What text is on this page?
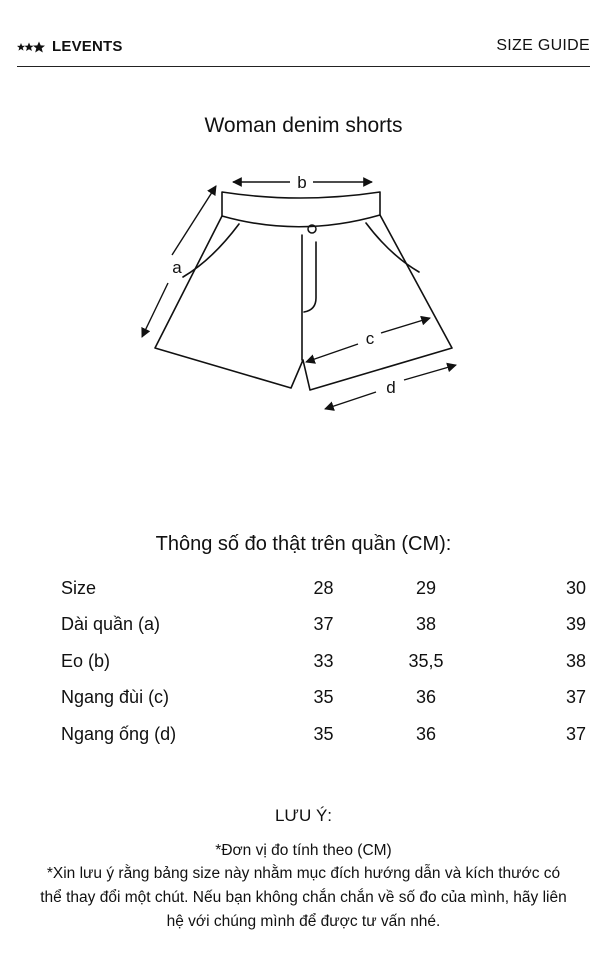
LEVENTS	SIZE GUIDE
Woman denim shorts
b
a
c
d
Thông số đo thật trên quần (CM):
Size	28	29	30
Dài quần (a)	37	38	39
Eo (b)	33	35,5	38
Ngang đùi (c)	35	36	37
Ngang ống (d)	35	36	37
LƯU Ý:
*Đơn vị đo tính theo (CM)
*Xin lưu ý rằng bảng size này nhằm mục đích hướng dẫn và kích thước có thể thay đổi một chút. Nếu bạn không chắn chắn về số đo của mình, hãy liên hệ với chúng mình để được tư vấn nhé.
